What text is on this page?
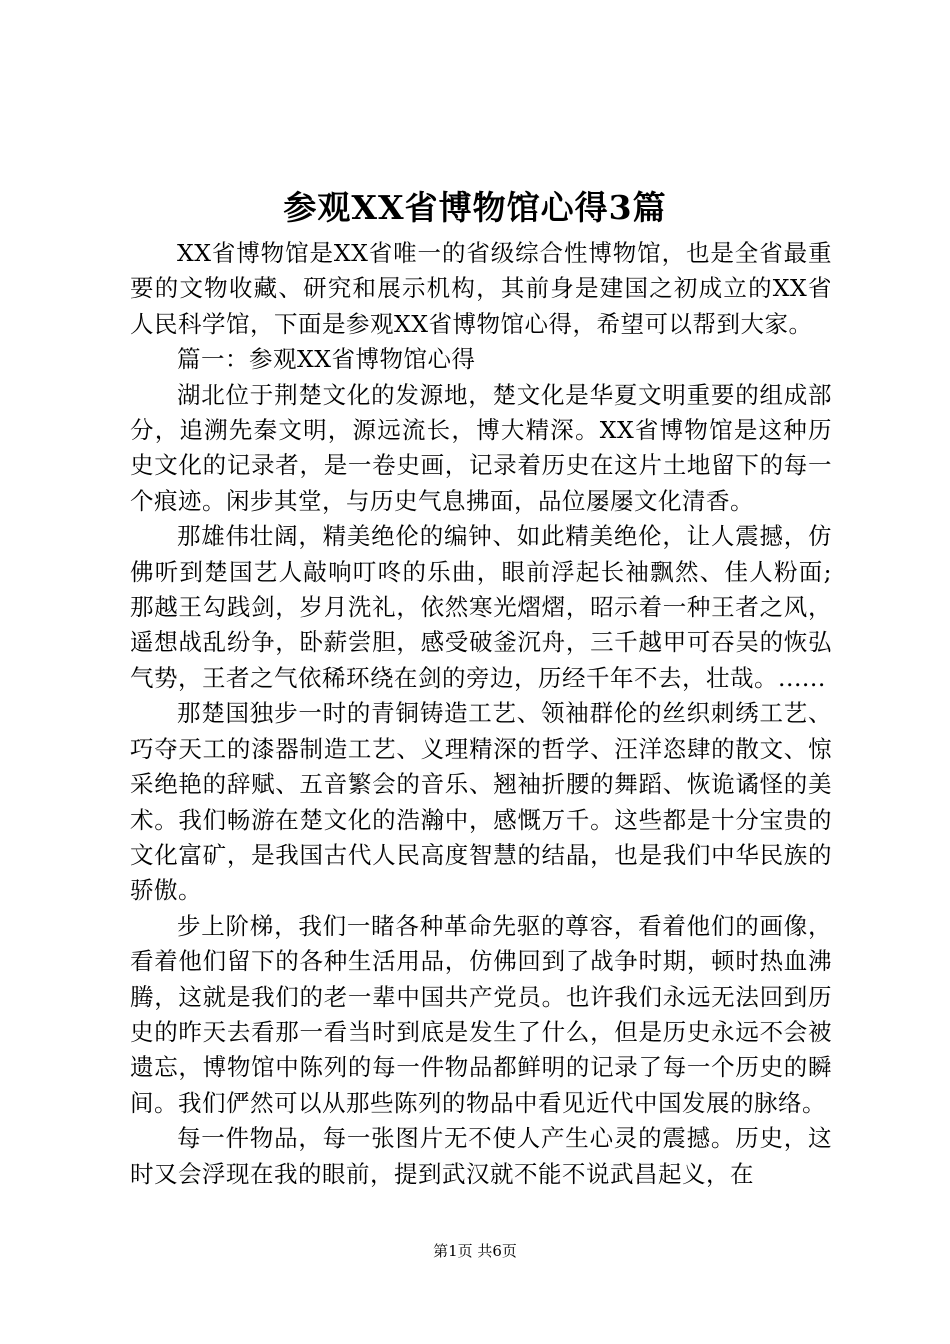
参观XX省博物馆心得3篇

XX省博物馆是XX省唯一的省级综合性博物馆，也是全省最重要的文物收藏、研究和展示机构，其前身是建国之初成立的XX省人民科学馆，下面是参观XX省博物馆心得，希望可以帮到大家。

篇一：参观XX省博物馆心得

湖北位于荆楚文化的发源地，楚文化是华夏文明重要的组成部分，追溯先秦文明，源远流长，博大精深。XX省博物馆是这种历史文化的记录者，是一卷史画，记录着历史在这片土地留下的每一个痕迹。闲步其堂，与历史气息拂面，品位屡屡文化清香。

那雄伟壮阔，精美绝伦的编钟、如此精美绝伦，让人震撼，仿佛听到楚国艺人敲响叮咚的乐曲，眼前浮起长袖飘然、佳人粉面;那越王勾践剑，岁月洗礼，依然寒光熠熠，昭示着一种王者之风，遥想战乱纷争，卧薪尝胆，感受破釜沉舟，三千越甲可吞吴的恢弘气势，王者之气依稀环绕在剑的旁边，历经千年不去，壮哉。......

那楚国独步一时的青铜铸造工艺、领袖群伦的丝织刺绣工艺、巧夺天工的漆器制造工艺、义理精深的哲学、汪洋恣肆的散文、惊采绝艳的辞赋、五音繁会的音乐、翘袖折腰的舞蹈、恢诡谲怪的美术。我们畅游在楚文化的浩瀚中，感慨万千。这些都是十分宝贵的文化富矿，是我国古代人民高度智慧的结晶，也是我们中华民族的骄傲。

步上阶梯，我们一睹各种革命先驱的尊容，看着他们的画像，看着他们留下的各种生活用品，仿佛回到了战争时期，顿时热血沸腾，这就是我们的老一辈中国共产党员。也许我们永远无法回到历史的昨天去看那一看当时到底是发生了什么，但是历史永远不会被遗忘，博物馆中陈列的每一件物品都鲜明的记录了每一个历史的瞬间。我们俨然可以从那些陈列的物品中看见近代中国发展的脉络。

每一件物品，每一张图片无不使人产生心灵的震撼。历史，这时又会浮现在我的眼前，提到武汉就不能不说武昌起义，在

第1页 共6页
